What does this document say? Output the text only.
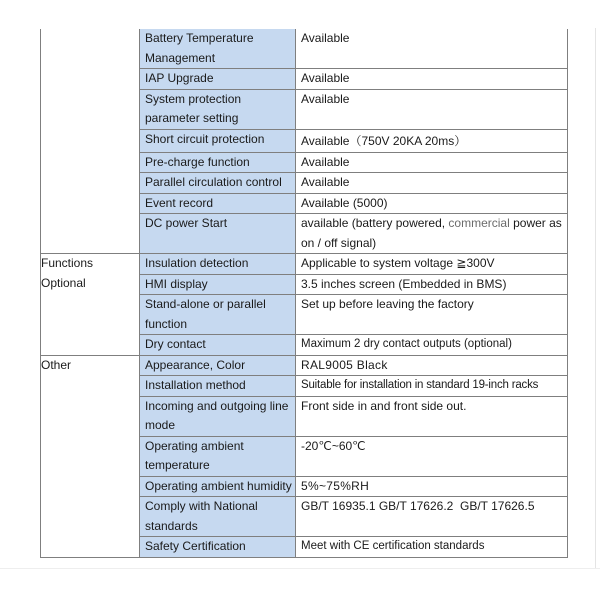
	Battery Temperature Management	Available
	IAP Upgrade	Available
	System protection parameter setting	Available
	Short circuit protection	Available（750V 20KA 20ms）
	Pre-charge function	Available
	Parallel circulation control	Available
	Event record	Available (5000)
	DC power Start	available (battery powered, commercial power as on / off signal)
Functions Optional	Insulation detection	Applicable to system voltage ≧300V
	HMI display	3.5 inches screen (Embedded in BMS)
	Stand-alone or parallel function	Set up before leaving the factory
	Dry contact	Maximum 2 dry contact outputs (optional)
Other	Appearance, Color	RAL9005 Black
	Installation method	Suitable for installation in standard 19-inch racks
	Incoming and outgoing line mode	Front side in and front side out.
	Operating ambient temperature	-20℃~60℃
	Operating ambient humidity	5%~75%RH
	Comply with National standards	GB/T 16935.1 GB/T 17626.2  GB/T 17626.5
	Safety Certification	Meet with CE certification standards
